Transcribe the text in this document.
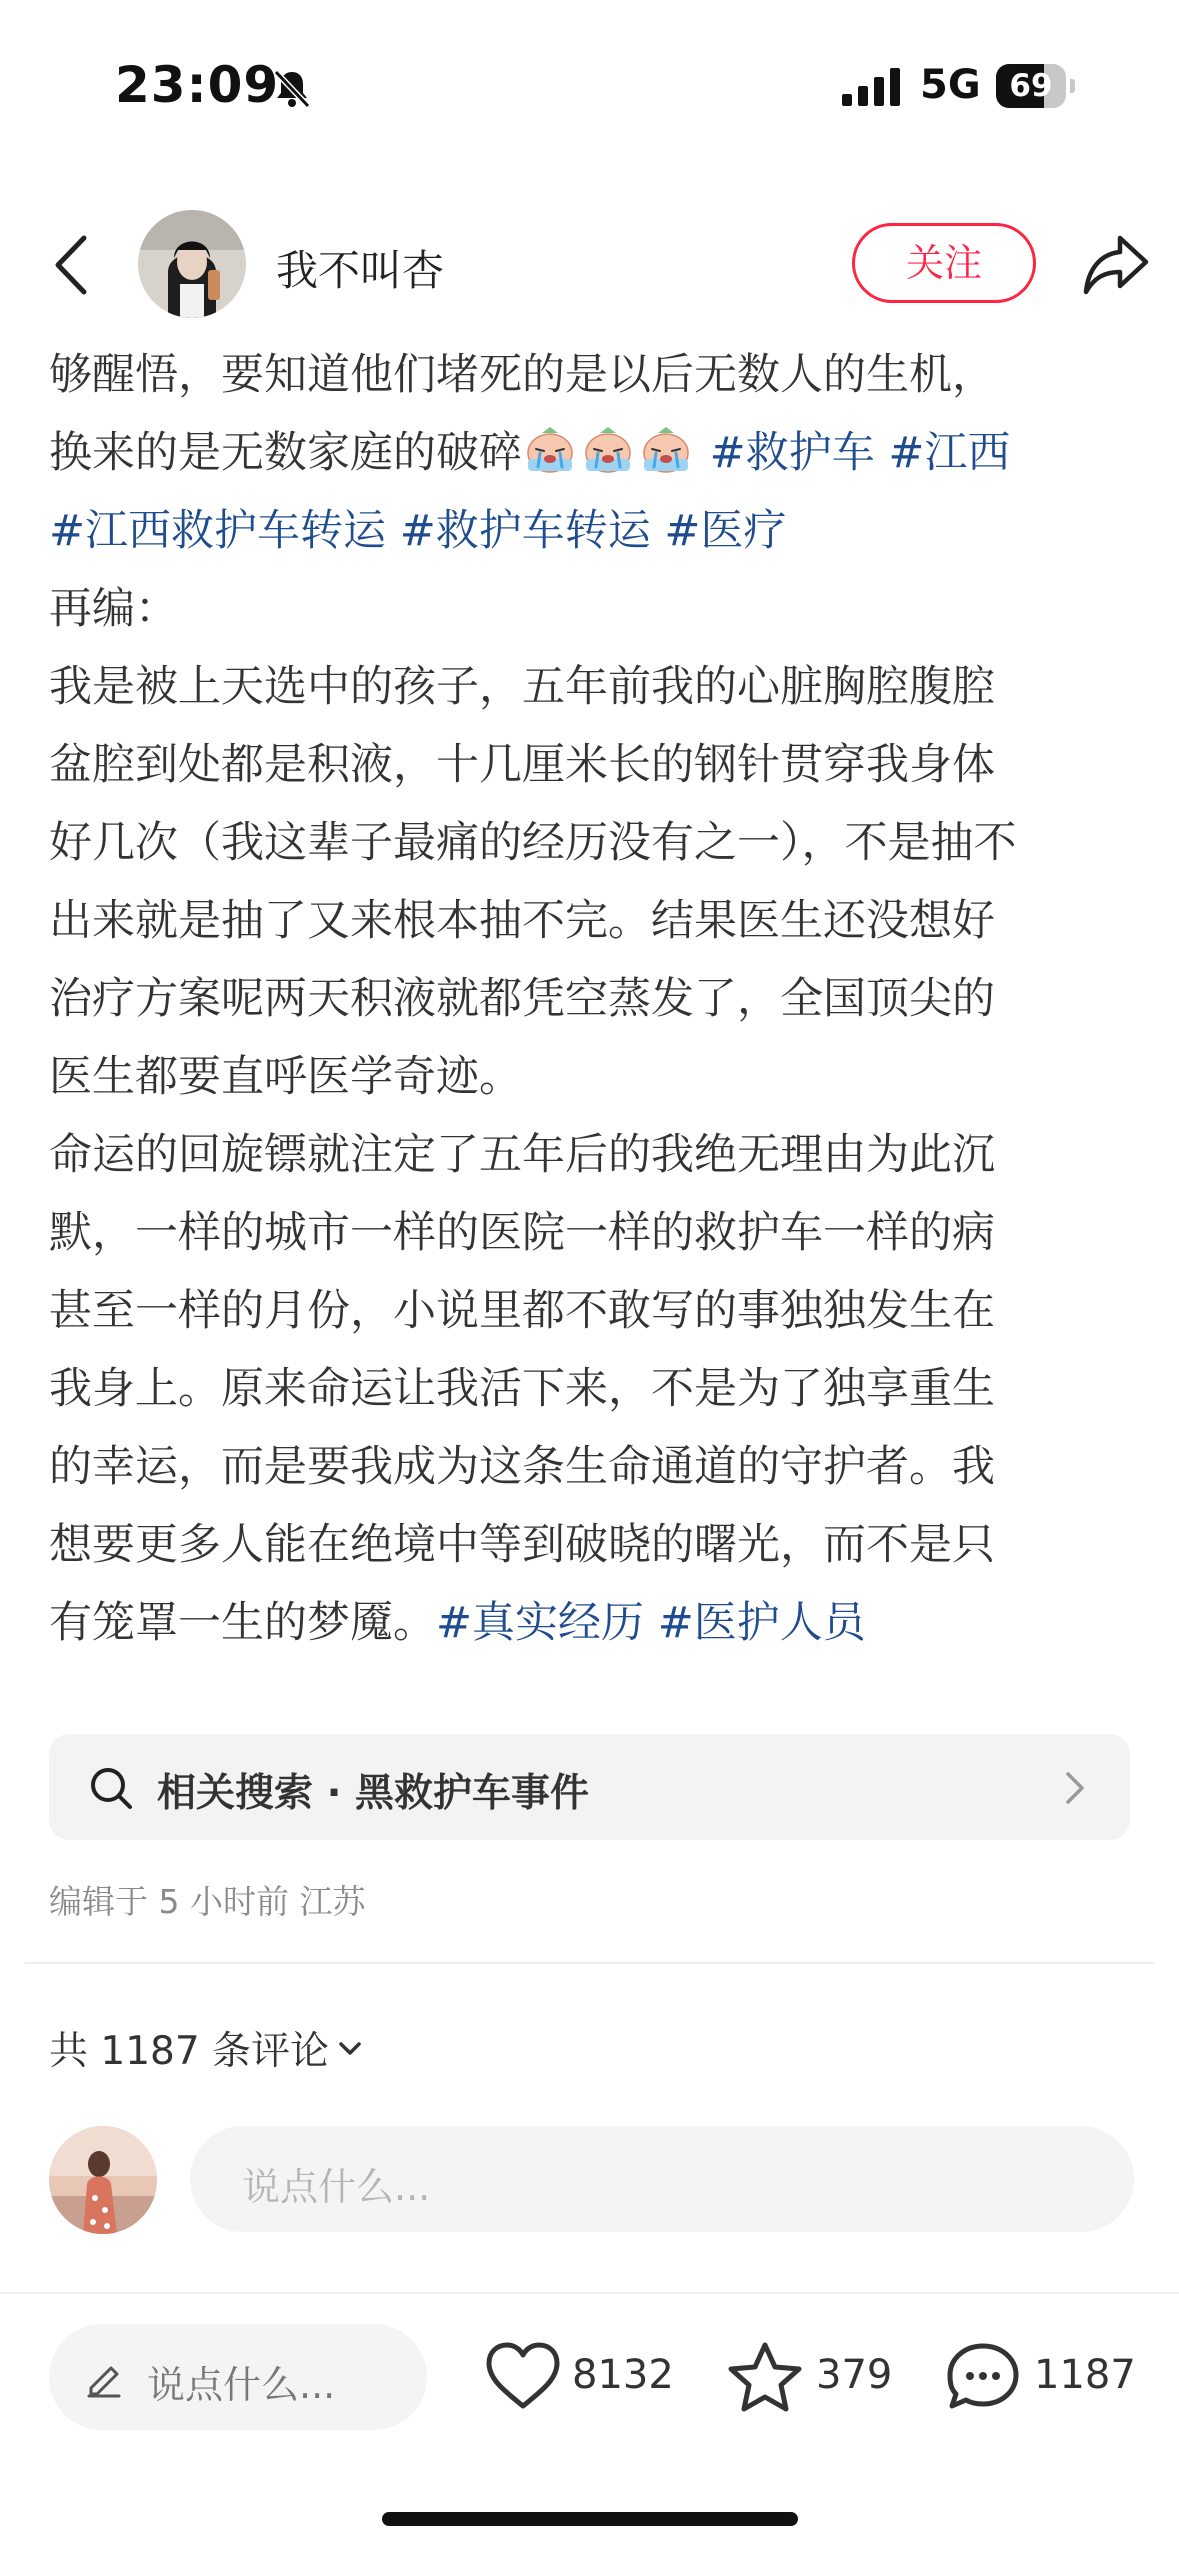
23:09	5G 69
我不叫杏	关注

够醒悟，要知道他们堵死的是以后无数人的生机，
换来的是无数家庭的破碎	#救护车 #江西
#江西救护车转运 #救护车转运 #医疗
再编：
我是被上天选中的孩子，五年前我的心脏胸腔腹腔
盆腔到处都是积液，十几厘米长的钢针贯穿我身体
好几次（我这辈子最痛的经历没有之一），不是抽不
出来就是抽了又来根本抽不完。结果医生还没想好
治疗方案呢两天积液就都凭空蒸发了，全国顶尖的
医生都要直呼医学奇迹。
命运的回旋镖就注定了五年后的我绝无理由为此沉
默，一样的城市一样的医院一样的救护车一样的病
甚至一样的月份，小说里都不敢写的事独独发生在
我身上。原来命运让我活下来，不是为了独享重生
的幸运，而是要我成为这条生命通道的守护者。我
想要更多人能在绝境中等到破晓的曙光，而不是只
有笼罩一生的梦魇。#真实经历 #医护人员
相关搜索 · 黑救护车事件
编辑于 5 小时前 江苏
共 1187 条评论
说点什么...
说点什么...	8132	379	1187
